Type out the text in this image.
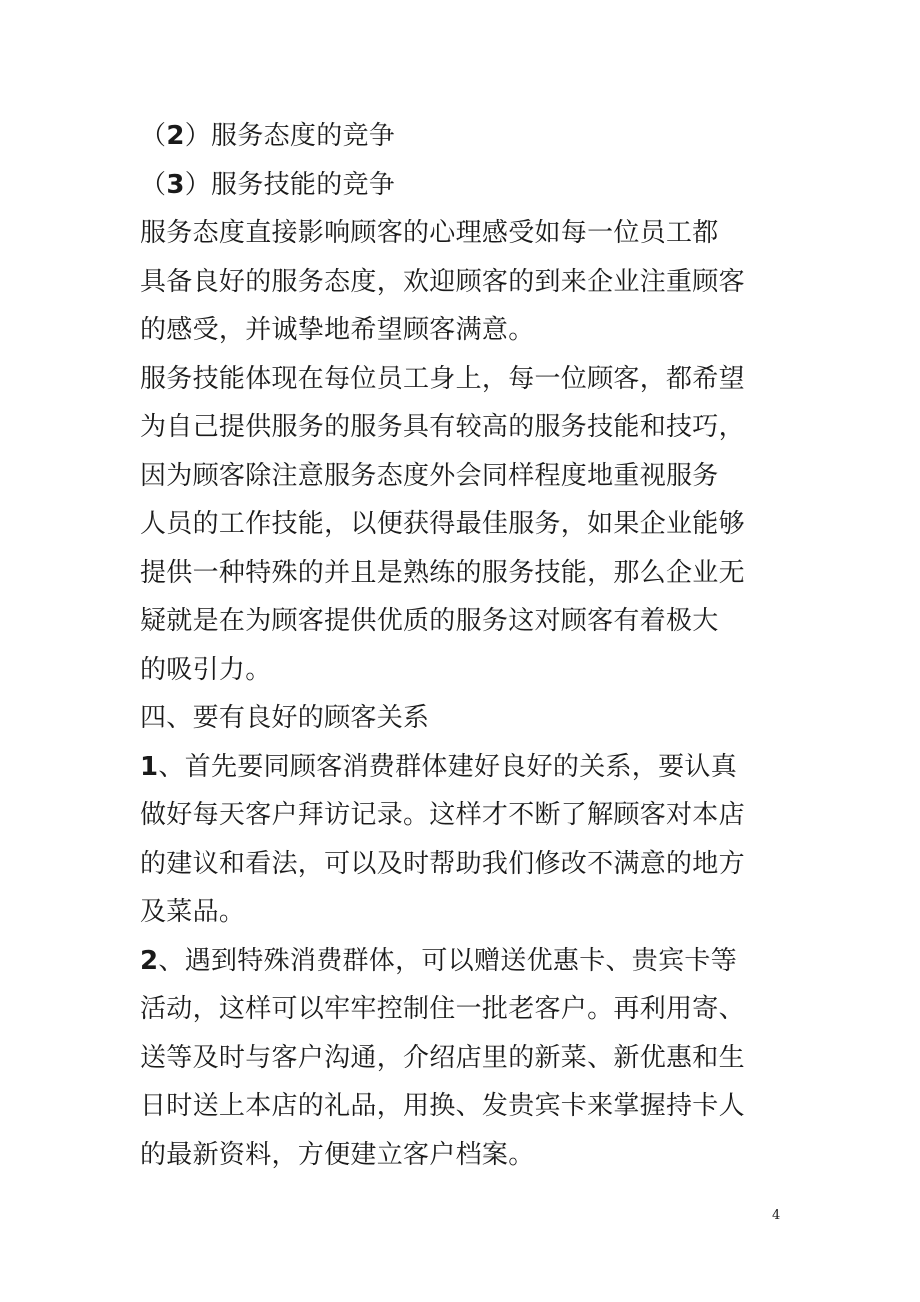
（2）服务态度的竞争
（3）服务技能的竞争
服务态度直接影响顾客的心理感受如每一位员工都
具备良好的服务态度，欢迎顾客的到来企业注重顾客
的感受，并诚挚地希望顾客满意。
服务技能体现在每位员工身上，每一位顾客，都希望
为自己提供服务的服务具有较高的服务技能和技巧，
因为顾客除注意服务态度外会同样程度地重视服务
人员的工作技能，以便获得最佳服务，如果企业能够
提供一种特殊的并且是熟练的服务技能，那么企业无
疑就是在为顾客提供优质的服务这对顾客有着极大
的吸引力。
四、要有良好的顾客关系
1、首先要同顾客消费群体建好良好的关系，要认真
做好每天客户拜访记录。这样才不断了解顾客对本店
的建议和看法，可以及时帮助我们修改不满意的地方
及菜品。
2、遇到特殊消费群体，可以赠送优惠卡、贵宾卡等
活动，这样可以牢牢控制住一批老客户。再利用寄、
送等及时与客户沟通，介绍店里的新菜、新优惠和生
日时送上本店的礼品，用换、发贵宾卡来掌握持卡人
的最新资料，方便建立客户档案。
4
